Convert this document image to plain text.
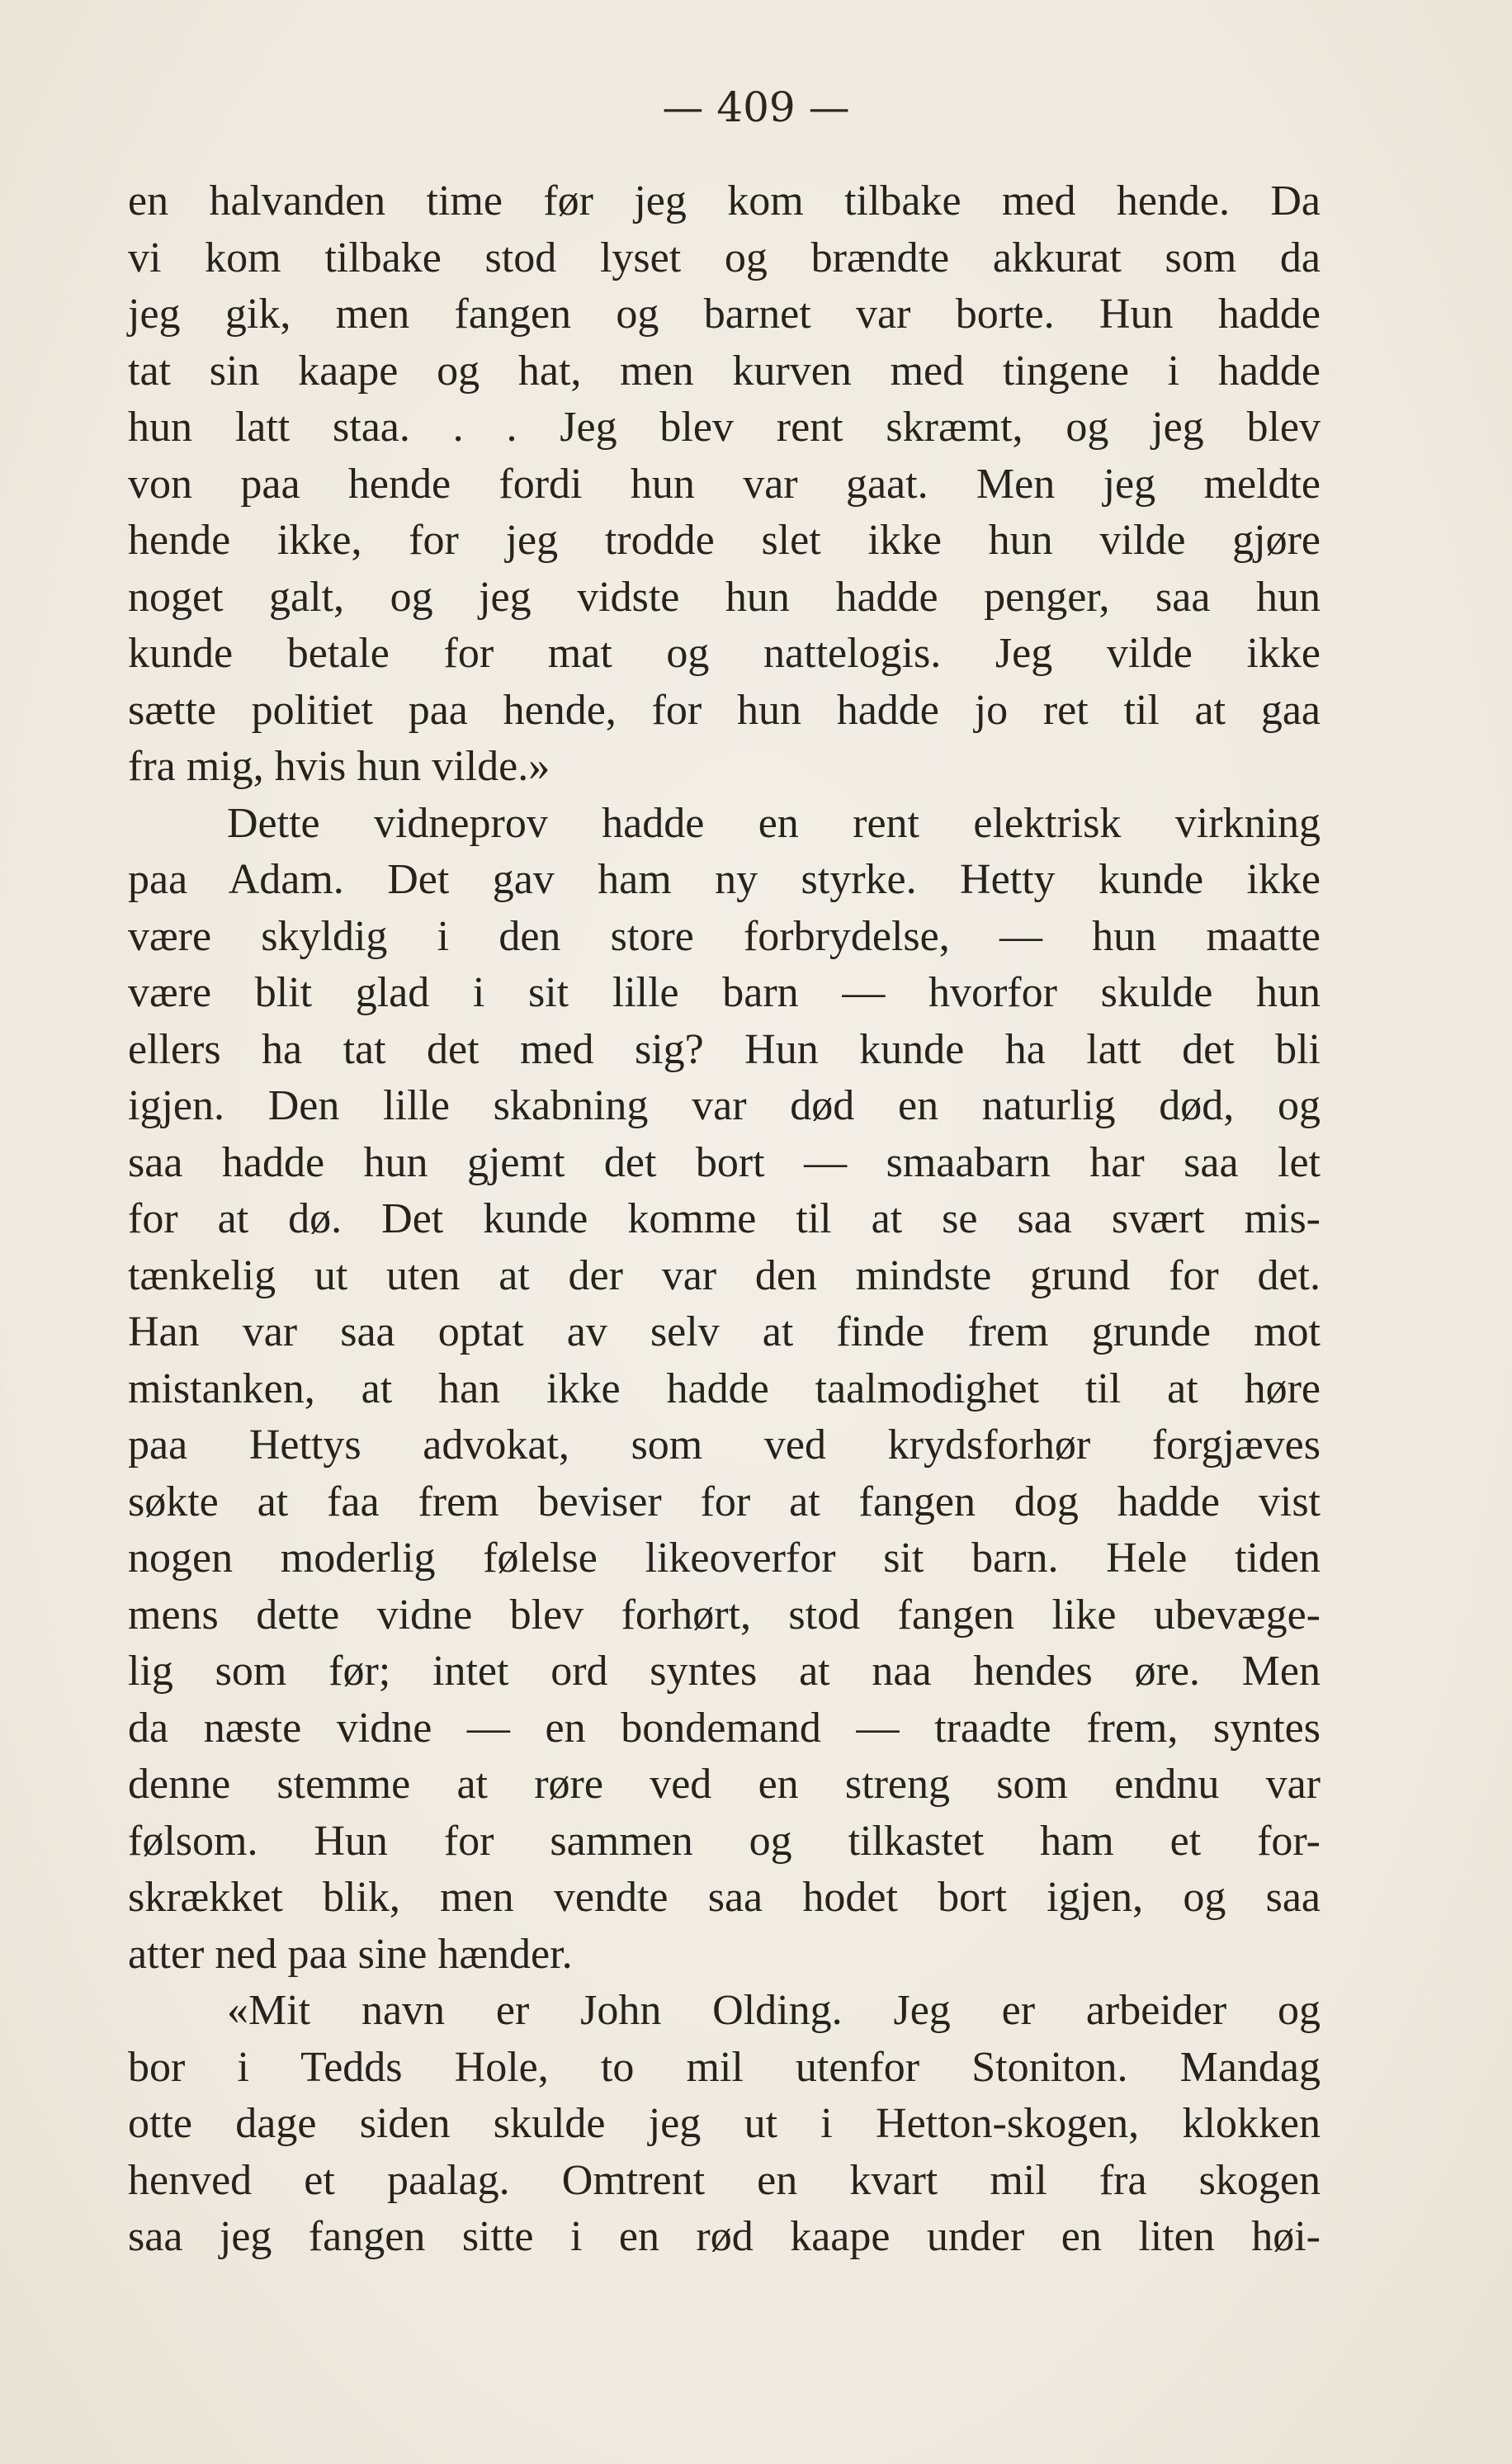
— 409 —
en halvanden time før jeg kom tilbake med hende. Da
vi kom tilbake stod lyset og brændte akkurat som da
jeg gik, men fangen og barnet var borte. Hun hadde
tat sin kaape og hat, men kurven med tingene i hadde
hun latt staa. . . Jeg blev rent skræmt, og jeg blev
von paa hende fordi hun var gaat. Men jeg meldte
hende ikke, for jeg trodde slet ikke hun vilde gjøre
noget galt, og jeg vidste hun hadde penger, saa hun
kunde betale for mat og nattelogis. Jeg vilde ikke
sætte politiet paa hende, for hun hadde jo ret til at gaa
fra mig, hvis hun vilde.»
Dette vidneprov hadde en rent elektrisk virkning
paa Adam. Det gav ham ny styrke. Hetty kunde ikke
være skyldig i den store forbrydelse, — hun maatte
være blit glad i sit lille barn — hvorfor skulde hun
ellers ha tat det med sig? Hun kunde ha latt det bli
igjen. Den lille skabning var død en naturlig død, og
saa hadde hun gjemt det bort — smaabarn har saa let
for at dø. Det kunde komme til at se saa svært mis-
tænkelig ut uten at der var den mindste grund for det.
Han var saa optat av selv at finde frem grunde mot
mistanken, at han ikke hadde taalmodighet til at høre
paa Hettys advokat, som ved krydsforhør forgjæves
søkte at faa frem beviser for at fangen dog hadde vist
nogen moderlig følelse likeoverfor sit barn. Hele tiden
mens dette vidne blev forhørt, stod fangen like ubevæge-
lig som før; intet ord syntes at naa hendes øre. Men
da næste vidne — en bondemand — traadte frem, syntes
denne stemme at røre ved en streng som endnu var
følsom. Hun for sammen og tilkastet ham et for-
skrækket blik, men vendte saa hodet bort igjen, og saa
atter ned paa sine hænder.
«Mit navn er John Olding. Jeg er arbeider og
bor i Tedds Hole, to mil utenfor Stoniton. Mandag
otte dage siden skulde jeg ut i Hetton-skogen, klokken
henved et paalag. Omtrent en kvart mil fra skogen
saa jeg fangen sitte i en rød kaape under en liten høi-
